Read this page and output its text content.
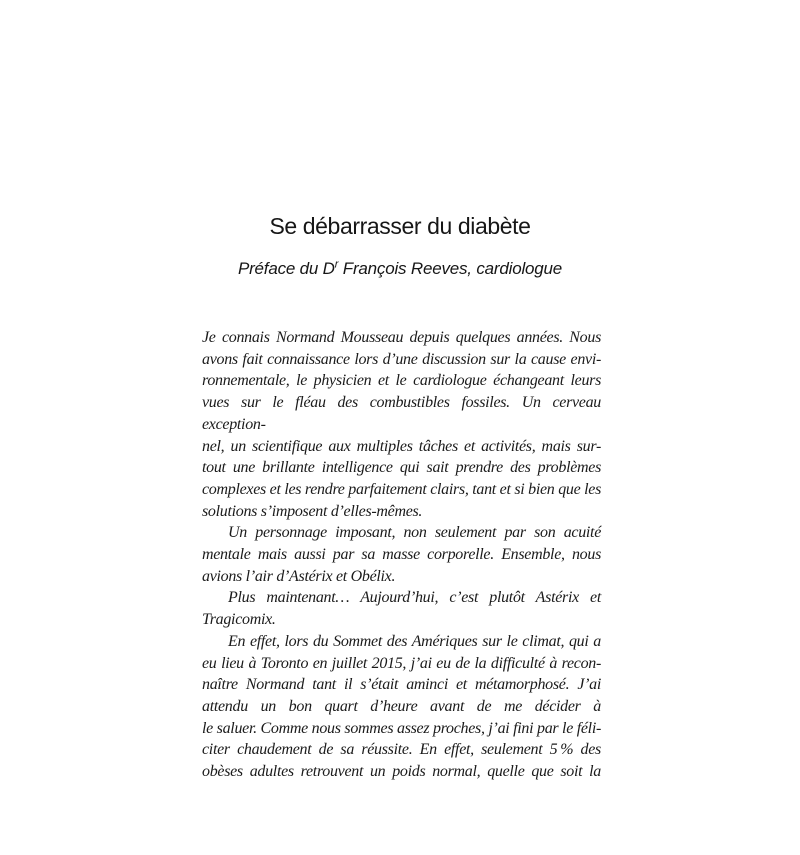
Se débarrasser du diabète
Préface du $D^r$ François Reeves, cardiologue
Je connais Normand Mousseau depuis quelques années. Nous
avons fait connaissance lors d’une discussion sur la cause envi-
ronnementale, le physicien et le cardiologue échangeant leurs
vues sur le fléau des combustibles fossiles. Un cerveau exception-
nel, un scientifique aux multiples tâches et activités, mais sur-
tout une brillante intelligence qui sait prendre des problèmes
complexes et les rendre parfaitement clairs, tant et si bien que les
solutions s’imposent d’elles-mêmes.
Un personnage imposant, non seulement par son acuité
mentale mais aussi par sa masse corporelle. Ensemble, nous
avions l’air d’Astérix et Obélix.
Plus maintenant… Aujourd’hui, c’est plutôt Astérix et
Tragicomix.
En effet, lors du Sommet des Amériques sur le climat, qui a
eu lieu à Toronto en juillet 2015, j’ai eu de la difficulté à recon-
naître Normand tant il s’était aminci et métamorphosé. J’ai
attendu un bon quart d’heure avant de me décider à
le saluer. Comme nous sommes assez proches, j’ai fini par le féli-
citer chaudement de sa réussite. En effet, seulement 5 % des
obèses adultes retrouvent un poids normal, quelle que soit la
